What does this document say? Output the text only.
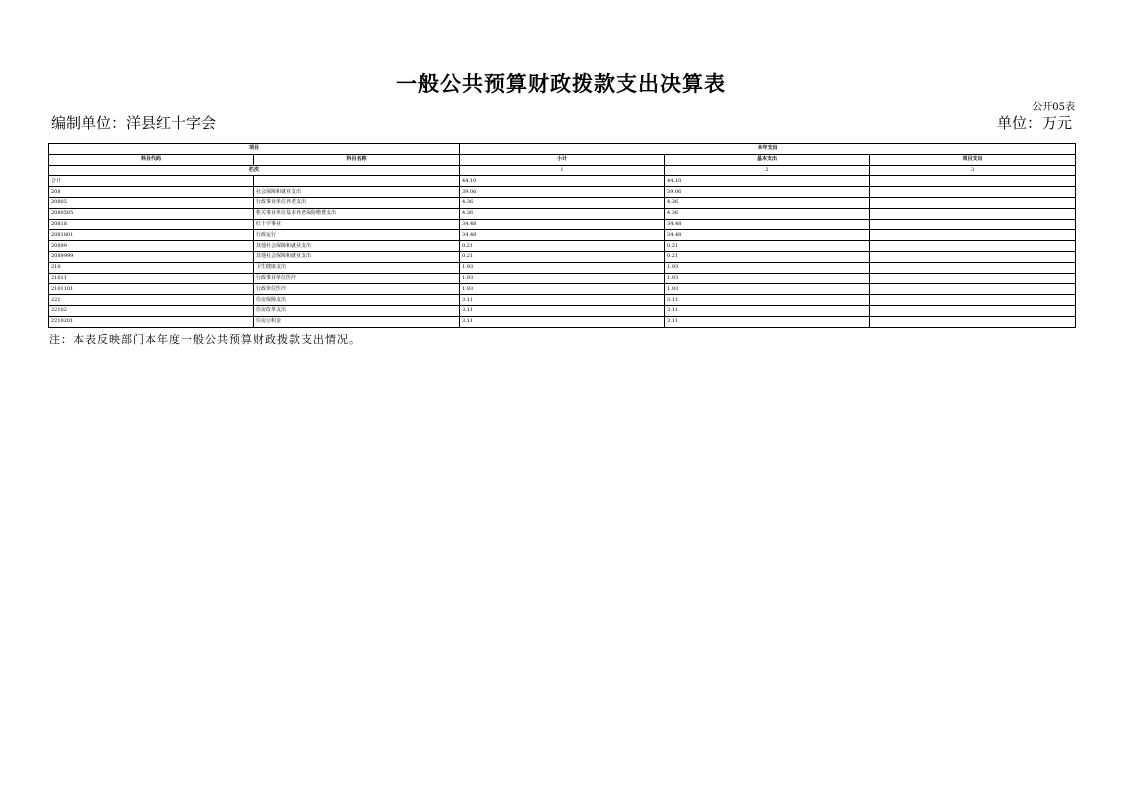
一般公共预算财政拨款支出决算表
公开05表
编制单位：洋县红十字会	单位：万元
项目		本年支出		
科目代码	科目名称	小计	基本支出	项目支出
栏次		1	2	3
合计		44.10	44.10	
208	社会保障和就业支出	39.06	39.06	
20805	行政事业单位养老支出	4.36	4.36	
2080505	机关事业单位基本养老保险缴费支出	4.36	4.36	
20818	红十字事业	34.48	34.48	
2081801	行政运行	34.48	34.48	
20899	其他社会保障和就业支出	0.21	0.21	
2089999	其他社会保障和就业支出	0.21	0.21	
210	卫生健康支出	1.93	1.93	
21011	行政事业单位医疗	1.93	1.93	
2101101	行政单位医疗	1.93	1.93	
221	住房保障支出	3.11	3.11	
22102	住房改革支出	3.11	3.11	
2210201	住房公积金	3.11	3.11	
注：本表反映部门本年度一般公共预算财政拨款支出情况。
